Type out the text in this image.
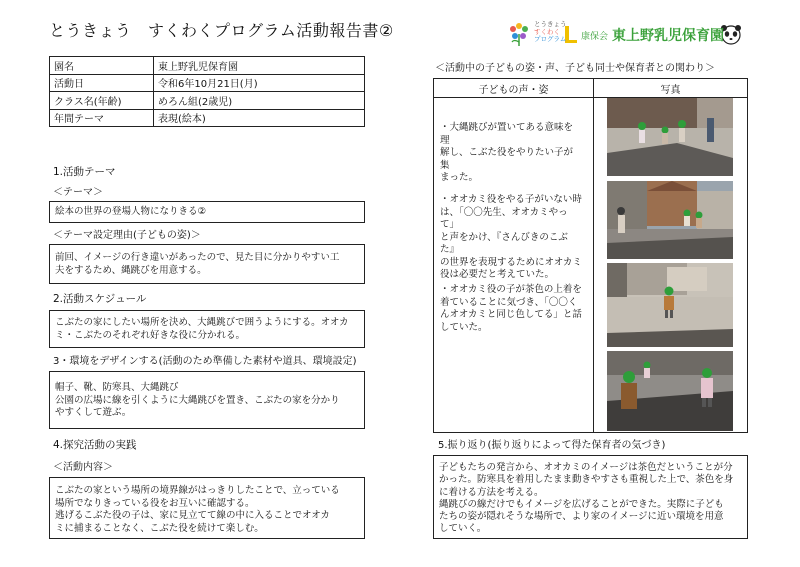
とうきょう　すくわくプログラム活動報告書②	とうきょう
すくわく
プログラム 康保会 東上野乳児保育園
園名	東上野乳児保育園
活動日	令和6年10月21日(月)
クラス名(年齢)	めろん組(2歳児)
年間テーマ	表現(絵本)
1.活動テーマ
＜テーマ＞
絵本の世界の登場人物になりきる②
＜テーマ設定理由(子どもの姿)＞
前回、イメージの行き違いがあったので、見た目に分かりやすい工
夫をするため、縄跳びを用意する。
2.活動スケジュール
こぶたの家にしたい場所を決め、大縄跳びで囲うようにする。オオカ
ミ・こぶたのそれぞれ好きな役に分かれる。
3・環境をデザインする(活動のため準備した素材や道具、環境設定)
帽子、靴、防寒具、大縄跳び
公園の広場に線を引くように大縄跳びを置き、こぶたの家を分かり
やすくして遊ぶ。
4.探究活動の実践
＜活動内容＞
こぶたの家という場所の境界線がはっきりしたことで、立っている
場所でなりきっている役をお互いに確認する。
逃げるこぶた役の子は、家に見立てて線の中に入ることでオオカ
ミに捕まることなく、こぶた役を続けて楽しむ。
＜活動中の子どもの姿・声、子ども同士や保育者との関わり＞
子どもの声・姿	写真

・大縄跳びが置いてある意味を理
解し、こぶた役をやりたい子が集
まった。
・オオカミ役をやる子がいない時
は、「〇〇先生、オオカミやって」
と声をかけ、『さんびきのこぶた』
の世界を表現するためにオオカミ
役は必要だと考えていた。
・オオカミ役の子が茶色の上着を
着ていることに気づき、「〇〇く
んオオカミと同じ色してる」と話
していた。
5.振り返り(振り返りによって得た保育者の気づき)
子どもたちの発言から、オオカミのイメージは茶色だということが分
かった。防寒具を着用したまま動きやすさも重視した上で、茶色を身
に着ける方法を考える。
縄跳びの線だけでもイメージを広げることができた。実際に子ども
たちの姿が隠れそうな場所で、より家のイメージに近い環境を用意
していく。
